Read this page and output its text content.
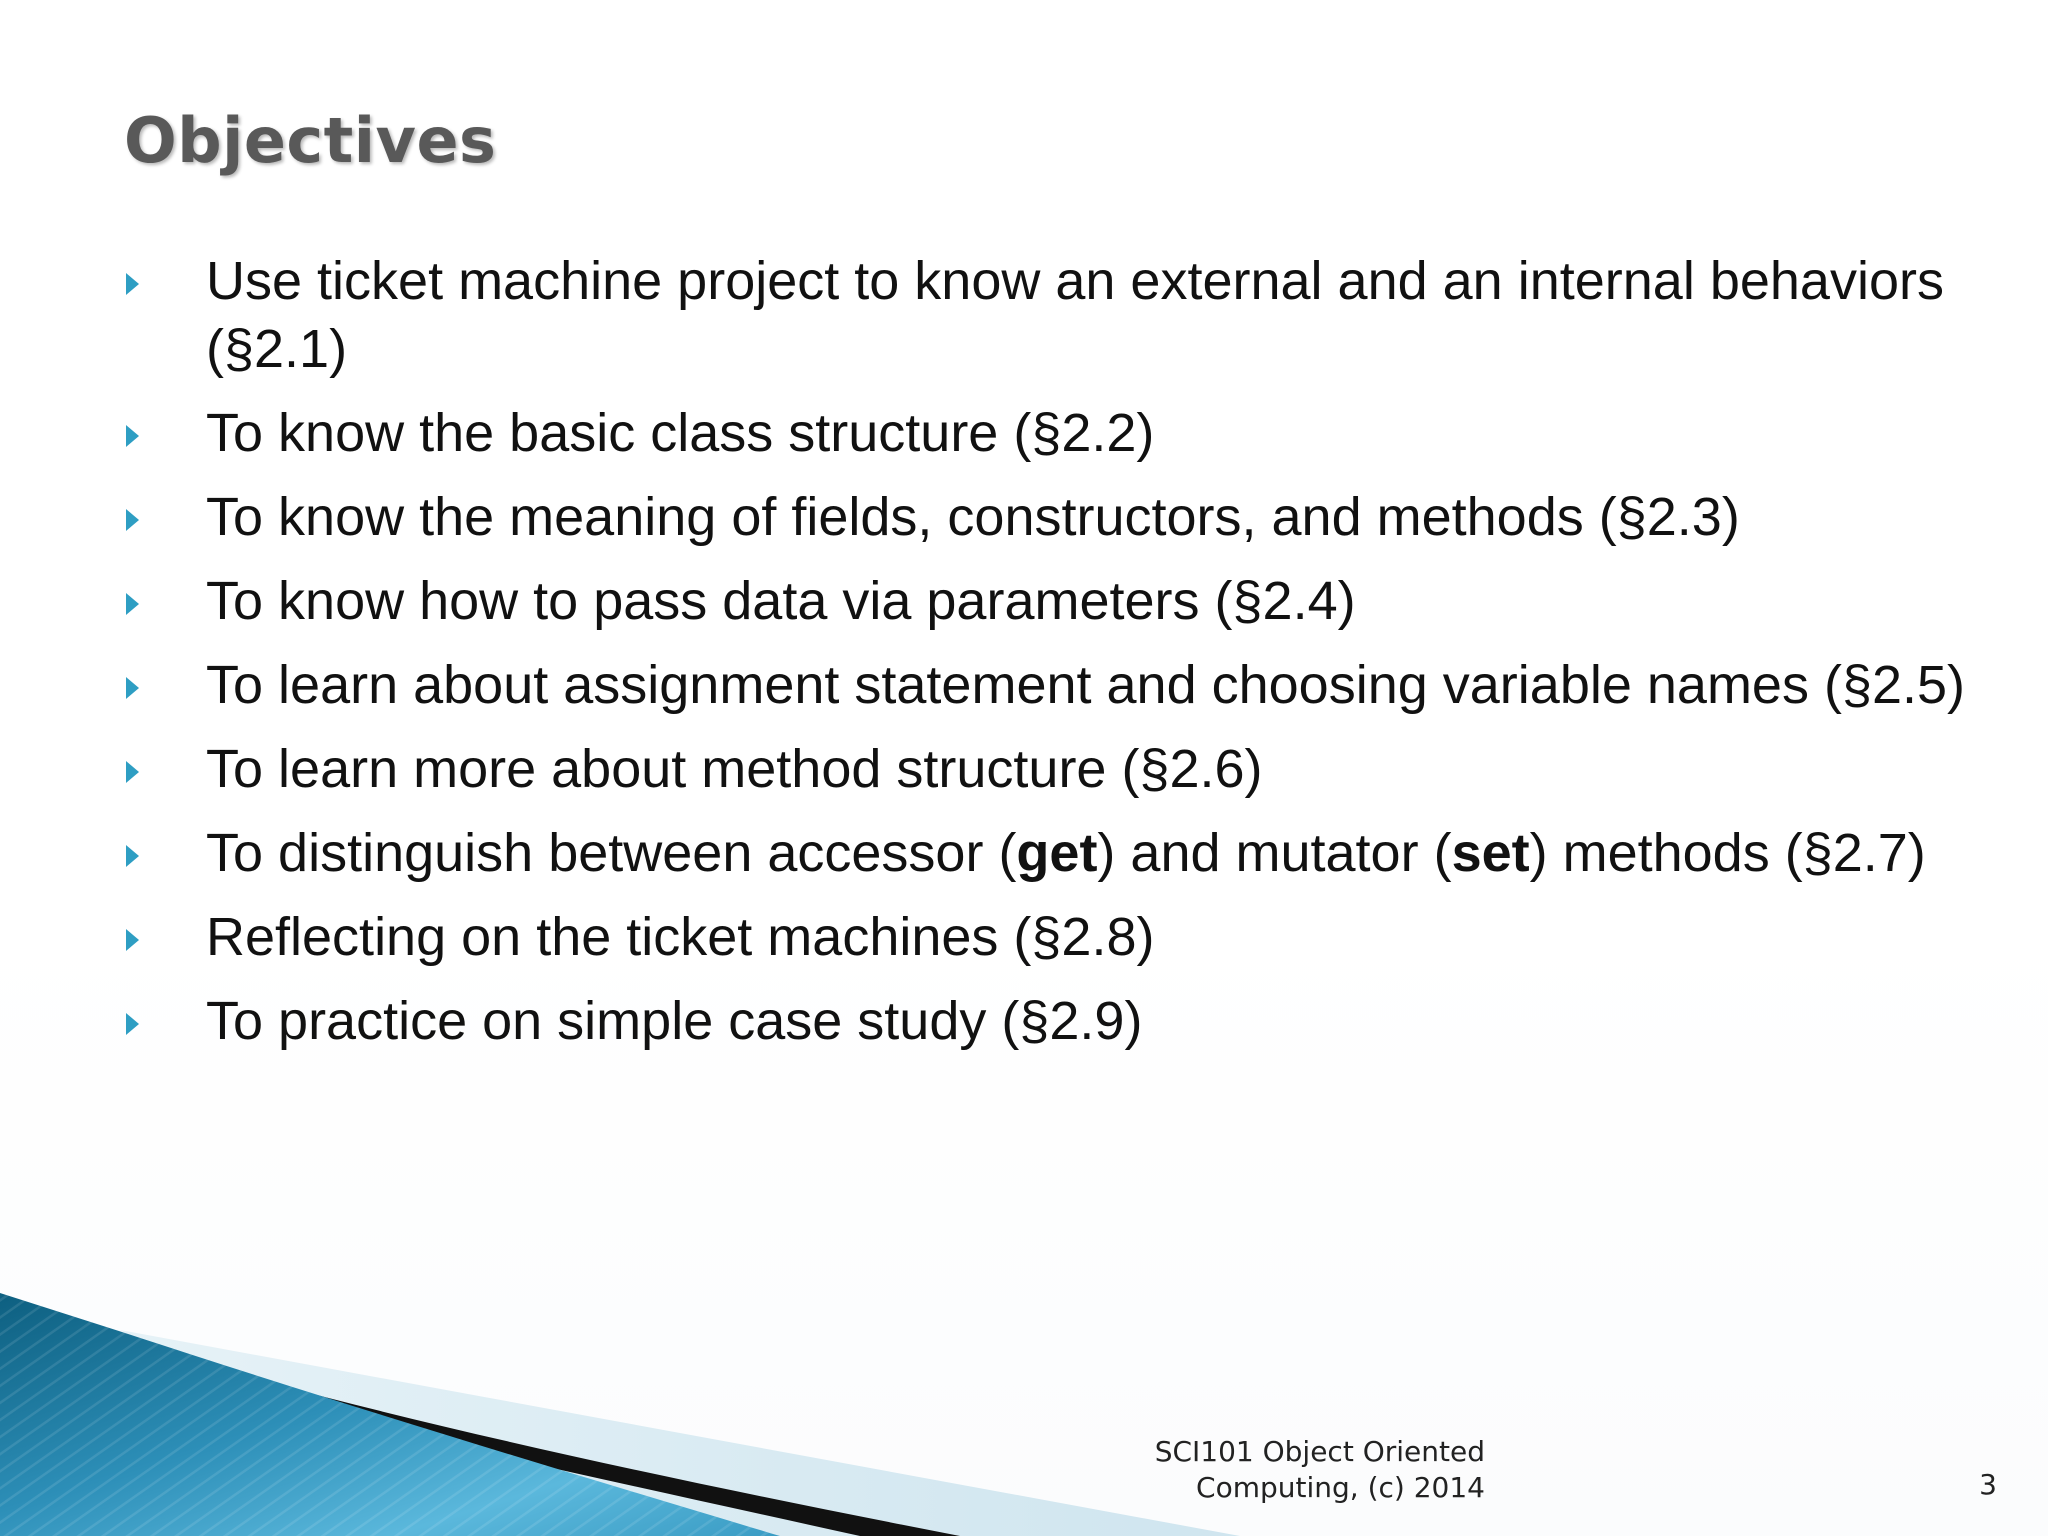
Objectives
Use ticket machine project to know an external and an internal behaviors (§2.1)
To know the basic class structure (§2.2)
To know the meaning of fields, constructors, and methods (§2.3)
To know how to pass data via parameters (§2.4)
To learn about assignment statement and choosing variable names (§2.5)
To learn more about method structure (§2.6)
To distinguish between accessor (get) and mutator (set) methods (§2.7)
Reflecting on the ticket machines (§2.8)
To practice on simple case study (§2.9)
SCI101 Object Oriented
Computing, (c) 2014	3
